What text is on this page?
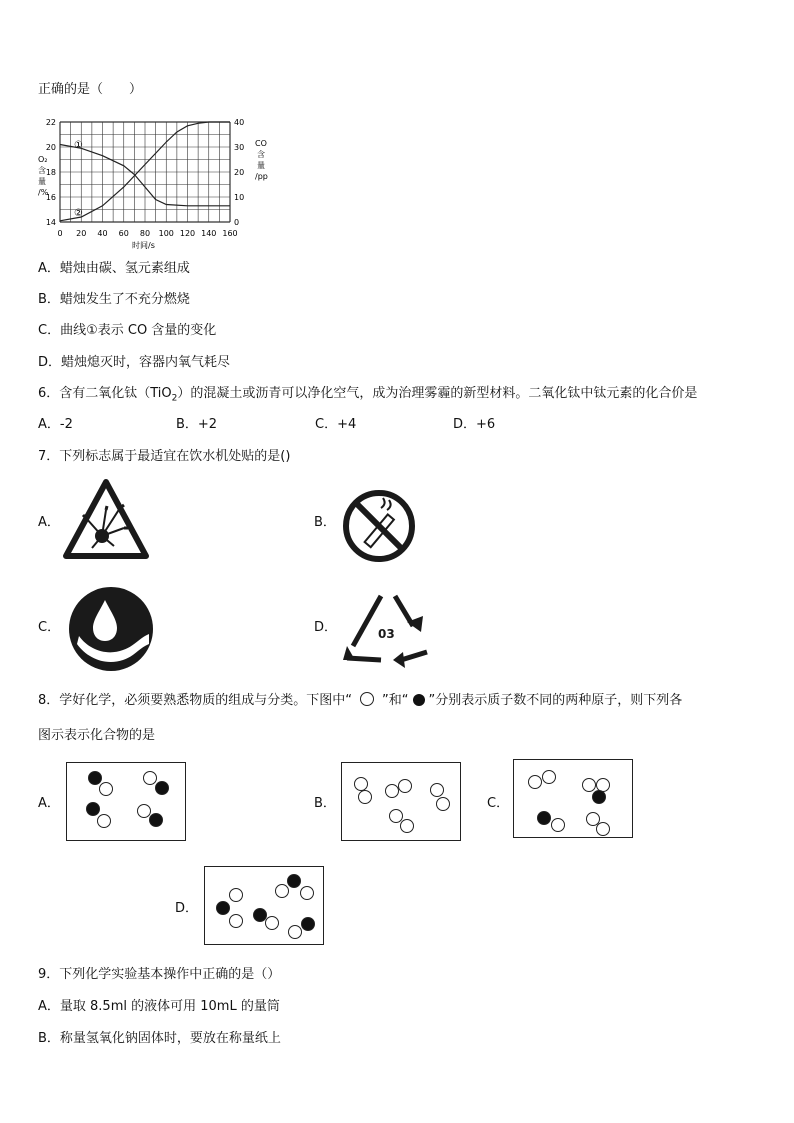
正确的是（　　）
0 20 40 60 80 100 120 140 160
22
20
18
16
14
40
30
20
10
0
①
②
O₂
含
量
/%
CO
含
量
/pp
时间/s
A．蜡烛由碳、氢元素组成
B．蜡烛发生了不充分燃烧
C．曲线①表示 CO 含量的变化
D．蜡烛熄灭时，容器内氧气耗尽
6．含有二氧化钛（TiO$_2$）的混凝土或沥青可以净化空气，成为治理雾霾的新型材料。二氧化钛中钛元素的化合价是
A．-2	B．+2	C．+4	D．+6
7．下列标志属于最适宜在饮水机处贴的是()
A．	B．
C．	D．	03
8．学好化学，必须要熟悉物质的组成与分类。下图中“ ”和“ ”分别表示质子数不同的两种原子，则下列各
图示表示化合物的是
A．	B．	C．
D．
9．下列化学实验基本操作中正确的是（）
A．量取 8.5ml 的液体可用 10mL 的量筒
B．称量氢氧化钠固体时，要放在称量纸上
